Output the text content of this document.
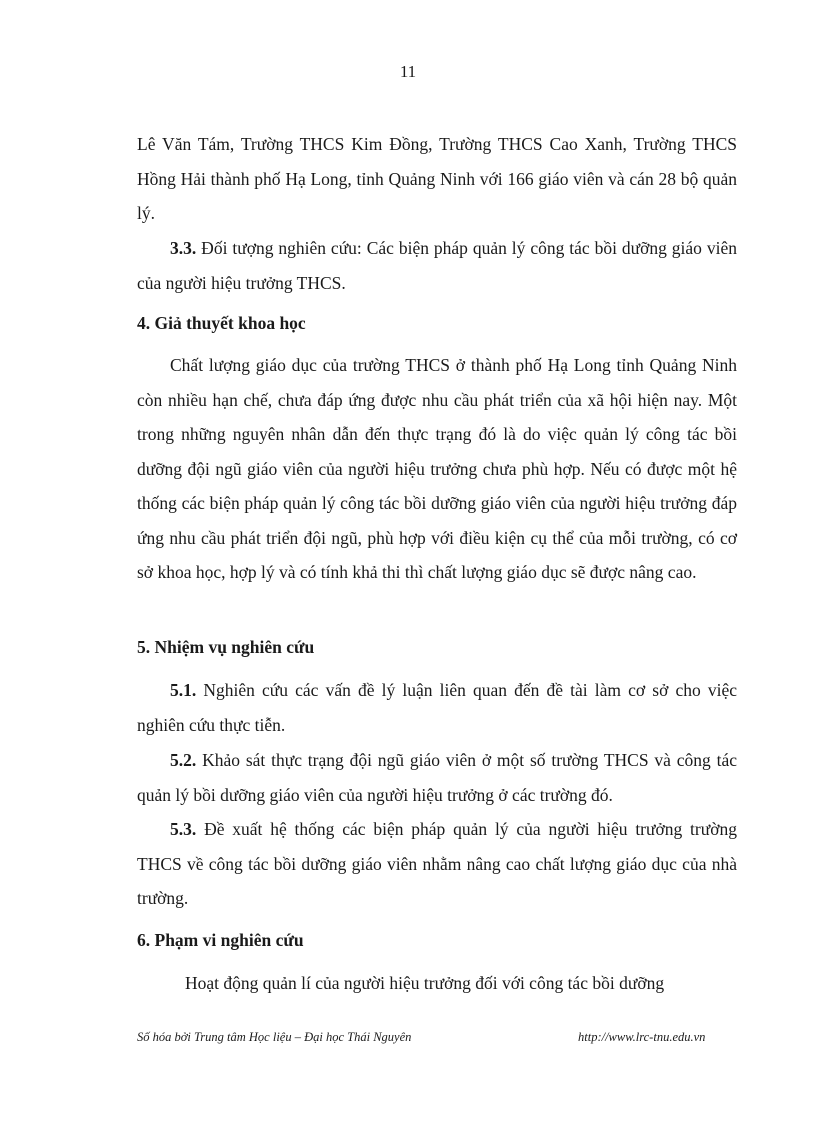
11
Lê Văn Tám, Trường THCS Kim Đồng, Trường THCS Cao Xanh, Trường THCS Hồng Hải thành phố Hạ Long, tỉnh Quảng Ninh với 166 giáo viên và cán 28 bộ quản lý.
3.3. Đối tượng nghiên cứu: Các biện pháp quản lý công tác bồi dưỡng giáo viên của người hiệu trưởng THCS.
4. Giả thuyết khoa học
Chất lượng giáo dục của trường THCS ở thành phố Hạ Long tỉnh Quảng Ninh còn nhiều hạn chế, chưa đáp ứng được nhu cầu phát triển của xã hội hiện nay. Một trong những nguyên nhân dẫn đến thực trạng đó là do việc quản lý công tác bồi dưỡng đội ngũ giáo viên của người hiệu trưởng chưa phù hợp. Nếu có được một hệ thống các biện pháp quản lý công tác bồi dưỡng giáo viên của người hiệu trưởng đáp ứng nhu cầu phát triển đội ngũ, phù hợp với điều kiện cụ thể của mỗi trường, có cơ sở khoa học, hợp lý và có tính khả thi thì chất lượng giáo dục sẽ được nâng cao.
5. Nhiệm vụ nghiên cứu
5.1. Nghiên cứu các vấn đề lý luận liên quan đến đề tài làm cơ sở cho việc nghiên cứu thực tiễn.
5.2. Khảo sát thực trạng đội ngũ giáo viên ở một số trường THCS và công tác quản lý bồi dưỡng giáo viên của người hiệu trưởng ở các trường đó.
5.3. Đề xuất hệ thống các biện pháp quản lý của người hiệu trưởng trường THCS về công tác bồi dưỡng giáo viên nhằm nâng cao chất lượng giáo dục của nhà trường.
6. Phạm vi nghiên cứu
Hoạt động quản lí của người hiệu trưởng đối với công tác bồi dưỡng
Số hóa bởi Trung tâm Học liệu – Đại học Thái Nguyên	http://www.lrc-tnu.edu.vn
